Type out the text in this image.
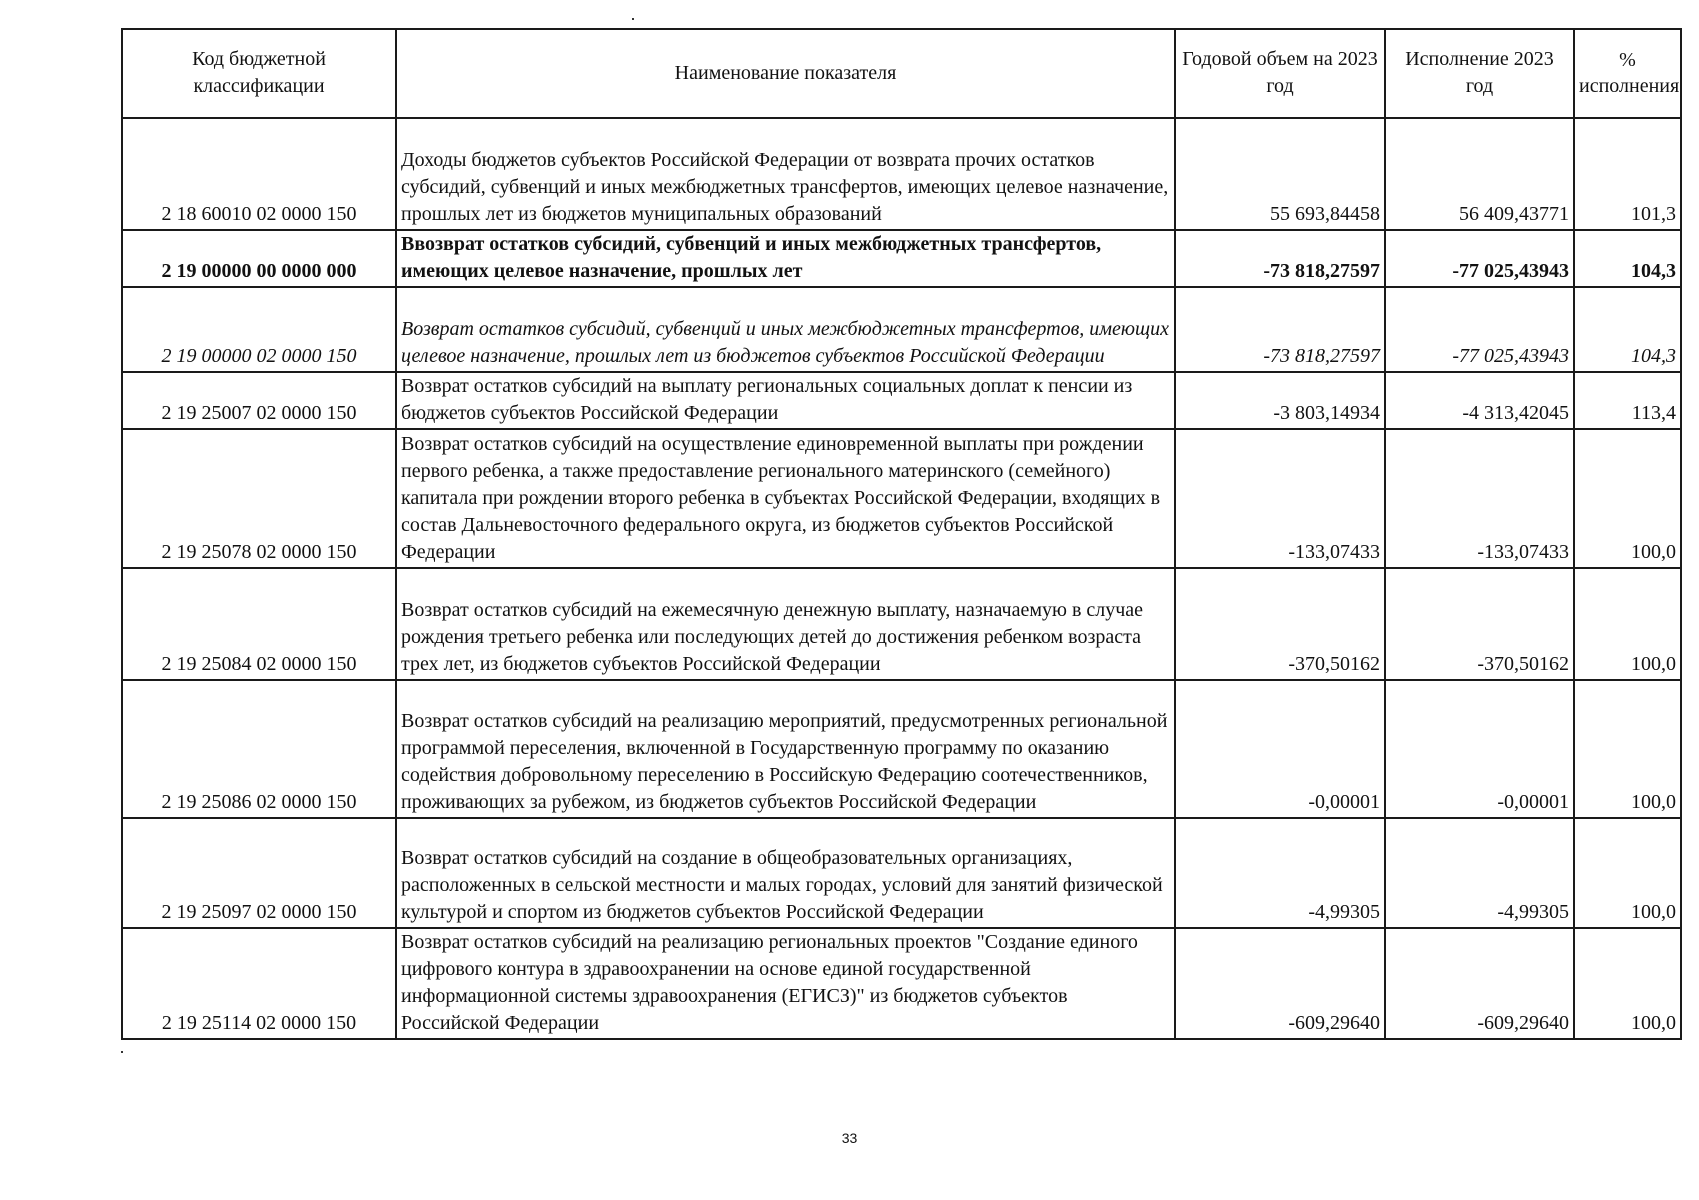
Код бюджетной классификации	Наименование показателя	Годовой объем на 2023 год	Исполнение 2023 год	% исполнения
2 18 60010 02 0000 150	Доходы бюджетов субъектов Российской Федерации от возврата прочих остатков субсидий, субвенций и иных межбюджетных трансфертов, имеющих целевое назначение, прошлых лет из бюджетов муниципальных образований	55 693,84458	56 409,43771	101,3
2 19 00000 00 0000 000	Ввозврат остатков субсидий, субвенций и иных межбюджетных трансфертов, имеющих целевое назначение, прошлых лет	-73 818,27597	-77 025,43943	104,3
2 19 00000 02 0000 150	Возврат остатков субсидий, субвенций и иных межбюджетных трансфертов, имеющих целевое назначение, прошлых лет из бюджетов субъектов Российской Федерации	-73 818,27597	-77 025,43943	104,3
2 19 25007 02 0000 150	Возврат остатков субсидий на выплату региональных социальных доплат к пенсии из бюджетов субъектов Российской Федерации	-3 803,14934	-4 313,42045	113,4
2 19 25078 02 0000 150	Возврат остатков субсидий на осуществление единовременной выплаты при рождении первого ребенка, а также предоставление регионального материнского (семейного) капитала при рождении второго ребенка в субъектах Российской Федерации, входящих в состав Дальневосточного федерального округа, из бюджетов субъектов Российской Федерации	-133,07433	-133,07433	100,0
2 19 25084 02 0000 150	Возврат остатков субсидий на ежемесячную денежную выплату, назначаемую в случае рождения третьего ребенка или последующих детей до достижения ребенком возраста трех лет, из бюджетов субъектов Российской Федерации	-370,50162	-370,50162	100,0
2 19 25086 02 0000 150	Возврат остатков субсидий на реализацию мероприятий, предусмотренных региональной программой переселения, включенной в Государственную программу по оказанию содействия добровольному переселению в Российскую Федерацию соотечественников, проживающих за рубежом, из бюджетов субъектов Российской Федерации	-0,00001	-0,00001	100,0
2 19 25097 02 0000 150	Возврат остатков субсидий на создание в общеобразовательных организациях, расположенных в сельской местности и малых городах, условий для занятий физической культурой и спортом из бюджетов субъектов Российской Федерации	-4,99305	-4,99305	100,0
2 19 25114 02 0000 150	Возврат остатков субсидий на реализацию региональных проектов "Создание единого цифрового контура в здравоохранении на основе единой государственной информационной системы здравоохранения (ЕГИСЗ)" из бюджетов субъектов Российской Федерации	-609,29640	-609,29640	100,0
33
